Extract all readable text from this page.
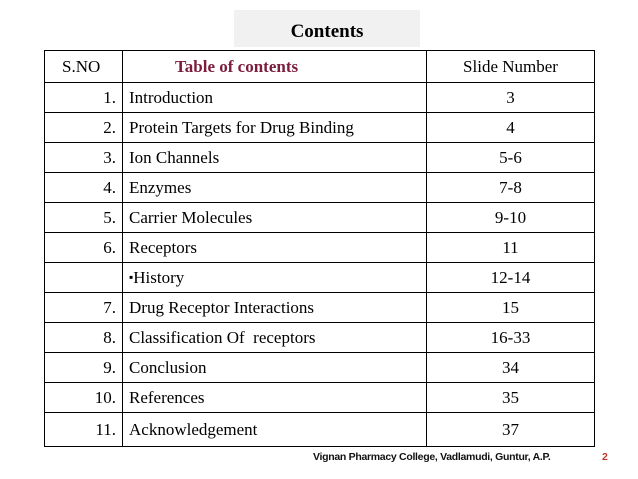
Contents
S.NO	Table of contents	Slide Number
1.	Introduction	3
2.	Protein Targets for Drug Binding	4
3.	Ion Channels	5-6
4.	Enzymes	7-8
5.	Carrier Molecules	9-10
6.	Receptors	11
	▪History	12-14
7.	Drug Receptor Interactions	15
8.	Classification Of  receptors	16-33
9.	Conclusion	34
10.	References	35
11.	Acknowledgement	37
Vignan Pharmacy College, Vadlamudi, Guntur, A.P.	2
